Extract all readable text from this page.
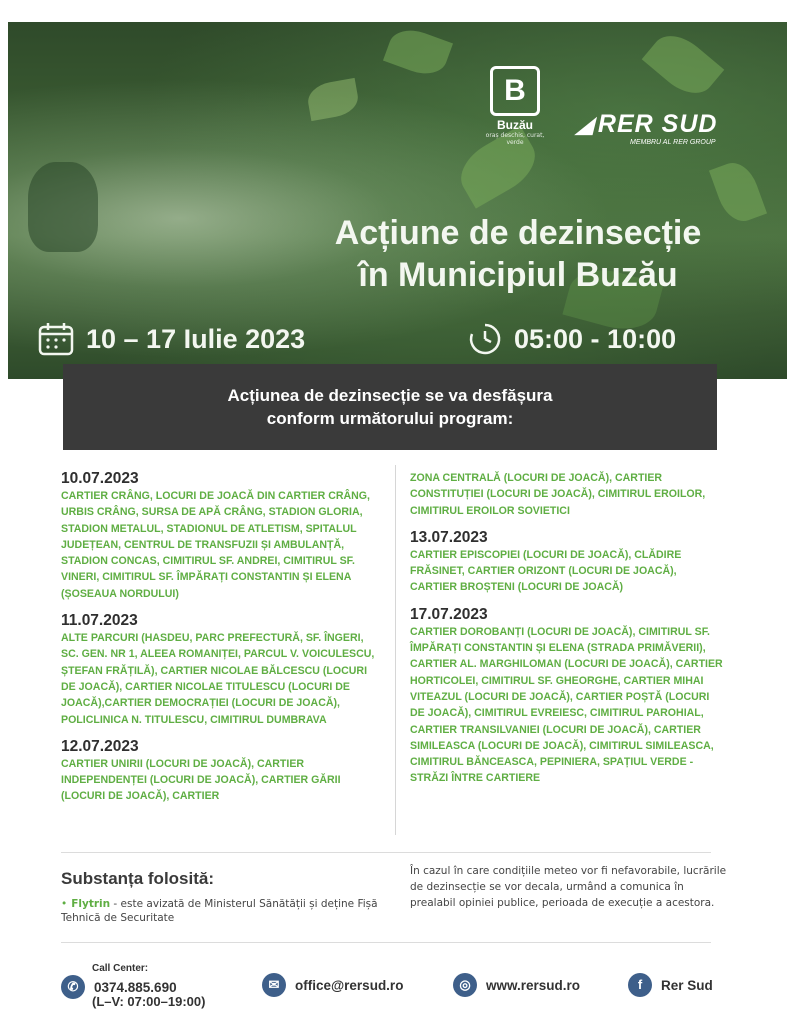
B
Buzău
oraș deschis, curat, verde
◢ RER SUD
MEMBRU AL RER GROUP
Acțiune de dezinsecție
în Municipiul Buzău
10 – 17 Iulie 2023	05:00 - 10:00
Acțiunea de dezinsecție se va desfășura
conform următorului program:
10.07.2023
CARTIER CRÂNG, LOCURI DE JOACĂ DIN CARTIER CRÂNG, URBIS CRÂNG, SURSA DE APĂ CRÂNG, STADION GLORIA, STADION METALUL, STADIONUL DE ATLETISM, SPITALUL JUDEȚEAN, CENTRUL DE TRANSFUZII ȘI AMBULANȚĂ, STADION CONCAS, CIMITIRUL SF. ANDREI, CIMITIRUL SF. VINERI, CIMITIRUL SF. ÎMPĂRAȚI CONSTANTIN ȘI ELENA (ȘOSEAUA NORDULUI)
11.07.2023
ALTE PARCURI (HASDEU, PARC PREFECTURĂ, SF. ÎNGERI, SC. GEN. NR 1, ALEEA ROMANIȚEI, PARCUL V. VOICULESCU, ȘTEFAN FRĂȚILĂ), CARTIER NICOLAE BĂLCESCU (LOCURI DE JOACĂ), CARTIER NICOLAE TITULESCU (LOCURI DE JOACĂ),CARTIER DEMOCRAȚIEI (LOCURI DE JOACĂ), POLICLINICA N. TITULESCU, CIMITIRUL DUMBRAVA
12.07.2023
CARTIER UNIRII (LOCURI DE JOACĂ), CARTIER INDEPENDENȚEI (LOCURI DE JOACĂ), CARTIER GĂRII (LOCURI DE JOACĂ), CARTIER
ZONA CENTRALĂ (LOCURI DE JOACĂ), CARTIER CONSTITUȚIEI (LOCURI DE JOACĂ), CIMITIRUL EROILOR, CIMITIRUL EROILOR SOVIETICI
13.07.2023
CARTIER EPISCOPIEI (LOCURI DE JOACĂ), CLĂDIRE FRĂSINET, CARTIER ORIZONT (LOCURI DE JOACĂ), CARTIER BROȘTENI (LOCURI DE JOACĂ)
17.07.2023
CARTIER DOROBANȚI (LOCURI DE JOACĂ), CIMITIRUL SF. ÎMPĂRAȚI CONSTANTIN ȘI ELENA (STRADA PRIMĂVERII), CARTIER AL. MARGHILOMAN (LOCURI DE JOACĂ), CARTIER HORTICOLEI, CIMITIRUL SF. GHEORGHE, CARTIER MIHAI VITEAZUL (LOCURI DE JOACĂ), CARTIER POȘTĂ (LOCURI DE JOACĂ), CIMITIRUL EVREIESC, CIMITIRUL PAROHIAL, CARTIER TRANSILVANIEI (LOCURI DE JOACĂ), CARTIER SIMILEASCA (LOCURI DE JOACĂ), CIMITIRUL SIMILEASCA, CIMITIRUL BĂNCEASCA, PEPINIERA, SPAȚIUL VERDE - STRĂZI ÎNTRE CARTIERE
Substanța folosită:
• Flytrin - este avizată de Ministerul Sănătății și deține Fișă Tehnică de Securitate
În cazul în care condițiile meteo vor fi nefavorabile, lucrările de dezinsecție se vor decala, urmând a comunica în prealabil opiniei publice, perioada de execuție a acestora.
Call Center:
✆	0374.885.690
(L–V: 07:00–19:00)
✉	office@rersud.ro	◎	www.rersud.ro	f	Rer Sud
